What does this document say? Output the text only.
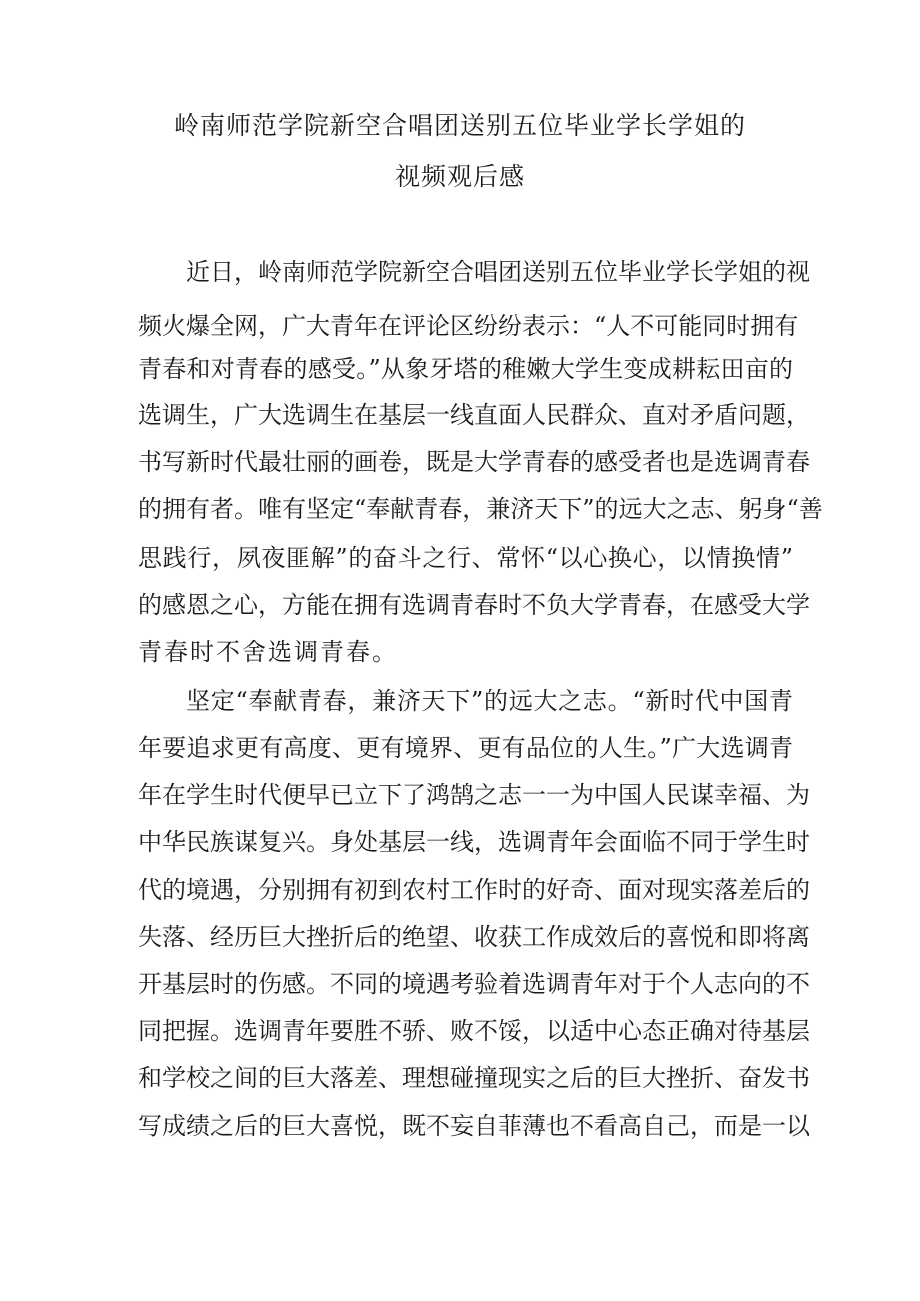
岭南师范学院新空合唱团送别五位毕业学长学姐的
视频观后感
近日，岭南师范学院新空合唱团送别五位毕业学长学姐的视
频火爆全网，广大青年在评论区纷纷表示：“人不可能同时拥有
青春和对青春的感受。”从象牙塔的稚嫩大学生变成耕耘田亩的
选调生，广大选调生在基层一线直面人民群众、直对矛盾问题，
书写新时代最壮丽的画卷，既是大学青春的感受者也是选调青春
的拥有者。唯有坚定“奉献青春，兼济天下”的远大之志、躬身“善
思践行，夙夜匪解”的奋斗之行、常怀“以心换心，以情换情”
的感恩之心，方能在拥有选调青春时不负大学青春，在感受大学
青春时不舍选调青春。
坚定“奉献青春，兼济天下”的远大之志。“新时代中国青
年要追求更有高度、更有境界、更有品位的人生。”广大选调青
年在学生时代便早已立下了鸿鹄之志一一为中国人民谋幸福、为
中华民族谋复兴。身处基层一线，选调青年会面临不同于学生时
代的境遇，分别拥有初到农村工作时的好奇、面对现实落差后的
失落、经历巨大挫折后的绝望、收获工作成效后的喜悦和即将离
开基层时的伤感。不同的境遇考验着选调青年对于个人志向的不
同把握。选调青年要胜不骄、败不馁，以适中心态正确对待基层
和学校之间的巨大落差、理想碰撞现实之后的巨大挫折、奋发书
写成绩之后的巨大喜悦，既不妄自菲薄也不看高自己，而是一以
